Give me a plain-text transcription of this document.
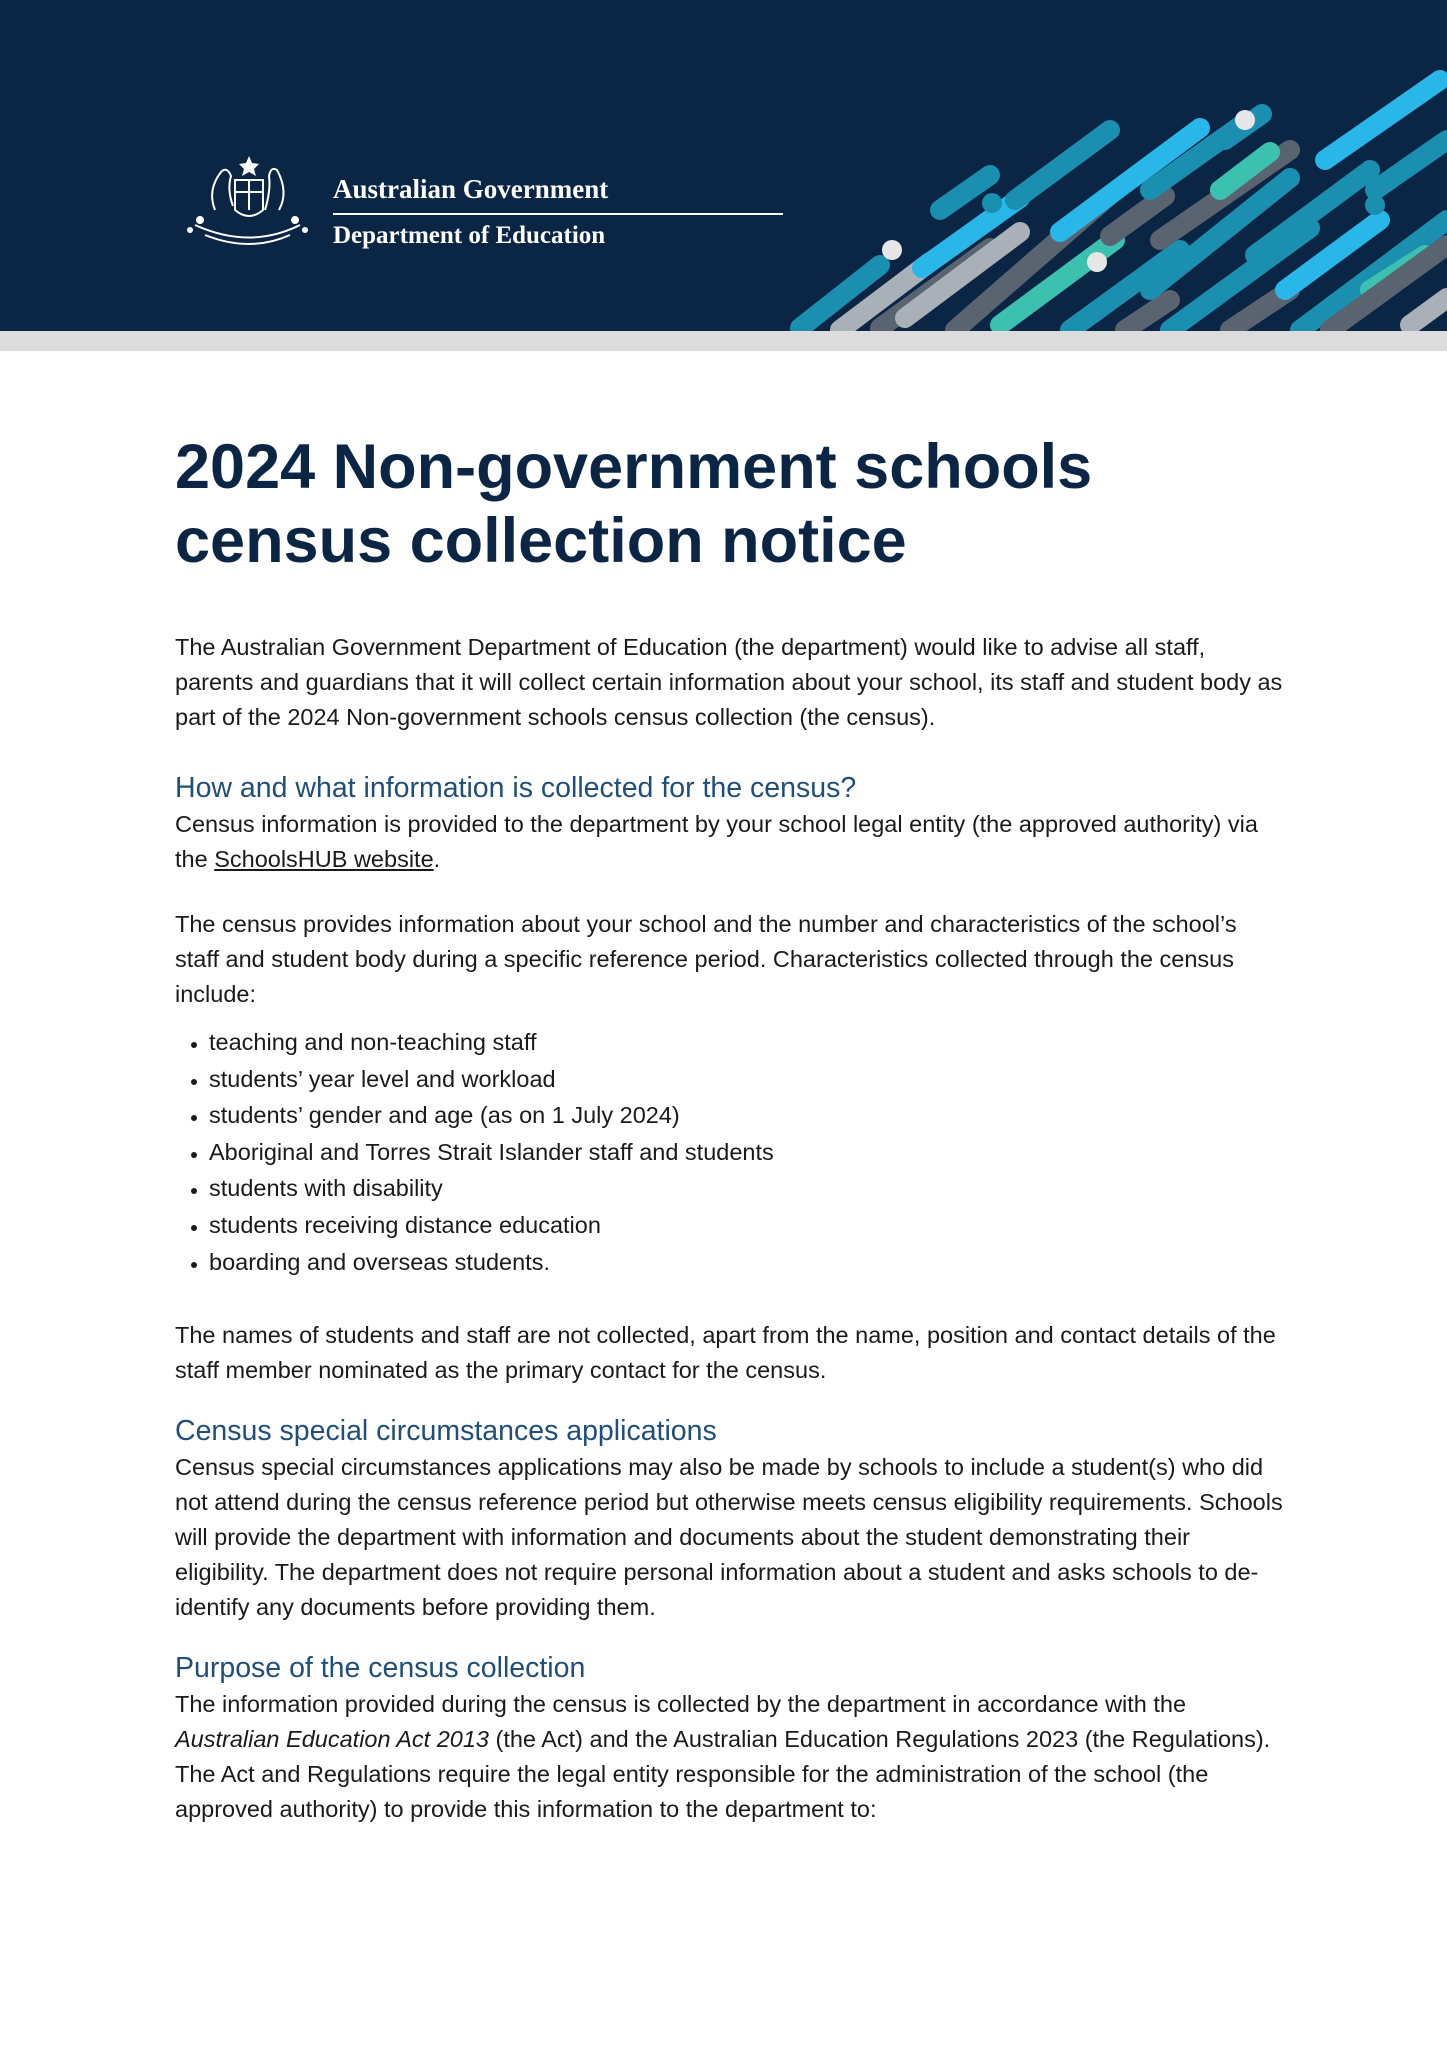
Australian Government
Department of Education
2024 Non-government schools
census collection notice

The Australian Government Department of Education (the department) would like to advise all staff, parents and guardians that it will collect certain information about your school, its staff and student body as part of the 2024 Non-government schools census collection (the census).

How and what information is collected for the census?

Census information is provided to the department by your school legal entity (the approved authority) via the SchoolsHUB website.

The census provides information about your school and the number and characteristics of the school’s staff and student body during a specific reference period. Characteristics collected through the census include:

• teaching and non-teaching staff
• students’ year level and workload
• students’ gender and age (as on 1 July 2024)
• Aboriginal and Torres Strait Islander staff and students
• students with disability
• students receiving distance education
• boarding and overseas students.

The names of students and staff are not collected, apart from the name, position and contact details of the staff member nominated as the primary contact for the census.

Census special circumstances applications

Census special circumstances applications may also be made by schools to include a student(s) who did not attend during the census reference period but otherwise meets census eligibility requirements. Schools will provide the department with information and documents about the student demonstrating their eligibility. The department does not require personal information about a student and asks schools to de-identify any documents before providing them.

Purpose of the census collection

The information provided during the census is collected by the department in accordance with the Australian Education Act 2013 (the Act) and the Australian Education Regulations 2023 (the Regulations). The Act and Regulations require the legal entity responsible for the administration of the school (the approved authority) to provide this information to the department to:
